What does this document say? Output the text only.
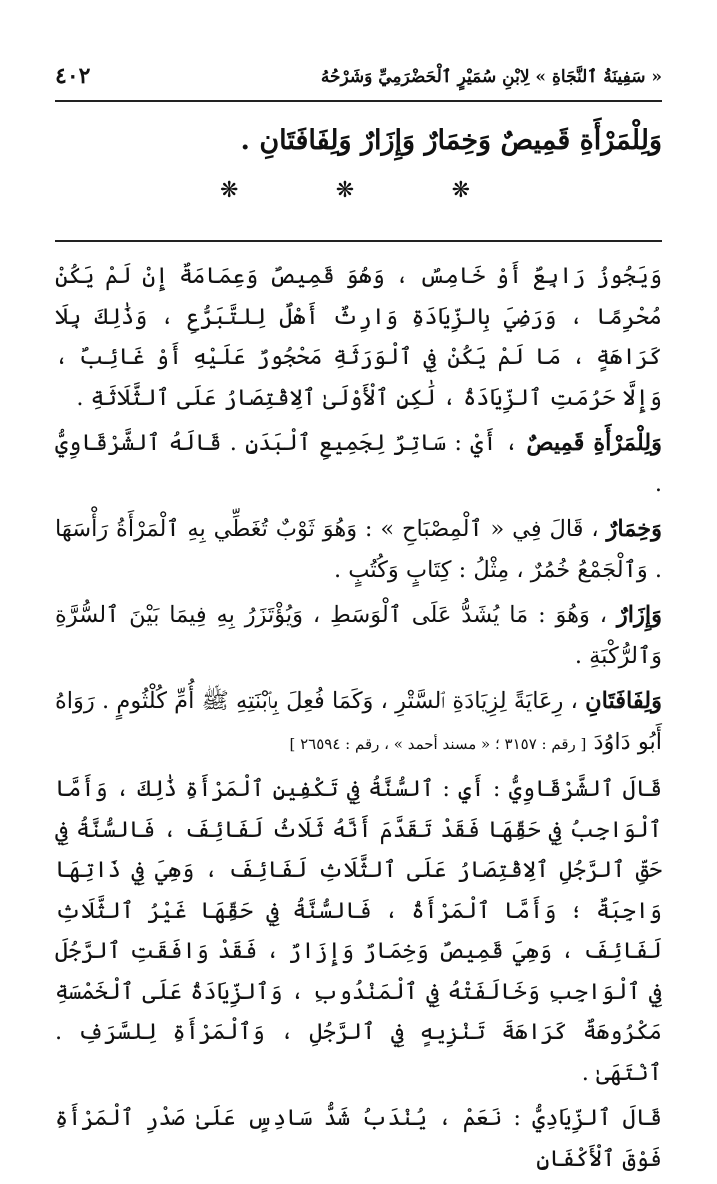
« سَفِينَةُ ٱلنَّجَاةِ » لِابْنِ سُمَيْرٍ ٱلْحَضْرَمِيِّ وَشَرْحُهُ
٤٠٢
وَلِلْمَرْأَةِ قَمِيصٌ وَخِمَارٌ وَإِزَارٌ وَلِفَافَتَانِ .
❋	❋	❋

وَيَجُوزُ رَابِعٌ أَوْ خَامِسٌ ، وَهُوَ قَمِيصٌ وَعِمَامَةٌ إِنْ لَمْ يَكُنْ مُحْرِمًا ، وَرَضِيَ بِالزِّيَادَةِ وَارِثٌ أَهْلٌ لِلتَّبَرُّعِ ، وَذَٰلِكَ بِلَا كَرَاهَةٍ ، مَا لَمْ يَكُنْ فِي ٱلْوَرَثَةِ مَحْجُورٌ عَلَيْهِ أَوْ غَائِبٌ ، وَإِلَّا حَرُمَتِ ٱلزِّيَادَةُ ، لَٰكِنِ ٱلْأَوْلَىٰ ٱلِاقْتِصَارُ عَلَى ٱلثَّلَاثَةِ .

وَلِلْمَرْأَةِ قَمِيصٌ ، أَيْ : سَاتِرٌ لِجَمِيعِ ٱلْبَدَنِ . قَالَهُ ٱلشَّرْقَاوِيُّ .

وَخِمَارٌ ، قَالَ فِي « ٱلْمِصْبَاحِ » : وَهُوَ ثَوْبٌ تُغَطِّي بِهِ ٱلْمَرْأَةُ رَأْسَهَا . وَٱلْجَمْعُ خُمُرٌ ، مِثْلُ : كِتَابٍ وَكُتُبٍ .

وَإِزَارٌ ، وَهُوَ : مَا يُشَدُّ عَلَى ٱلْوَسَطِ ، وَيُؤْتَزَرُ بِهِ فِيمَا بَيْنَ ٱلسُّرَّةِ وَٱلرُّكْبَةِ .

وَلِفَافَتَانِ ، رِعَايَةً لِزِيَادَةِ ٱلسَّتْرِ ، وَكَمَا فُعِلَ بِٱبْنَتِهِ ﷺ أُمِّ كُلْثُومٍ . رَوَاهُ أَبُو دَاوُدَ [ رقم : ٣١٥٧ ؛ « مسند أحمد » ، رقم : ٢٦٥٩٤ ]

قَالَ ٱلشَّرْقَاوِيُّ : أَيِ : ٱلسُّنَّةُ فِي تَكْفِينِ ٱلْمَرْأَةِ ذَٰلِكَ ، وَأَمَّا ٱلْوَاجِبُ فِي حَقِّهَا فَقَدْ تَقَدَّمَ أَنَّهُ ثَلَاثُ لَفَائِفَ ، فَالسُّنَّةُ فِي حَقِّ ٱلرَّجُلِ ٱلِاقْتِصَارُ عَلَى ٱلثَّلَاثِ لَفَائِفَ ، وَهِيَ فِي ذَاتِهَا وَاجِبَةٌ ؛ وَأَمَّا ٱلْمَرْأَةُ ، فَالسُّنَّةُ فِي حَقِّهَا غَيْرُ ٱلثَّلَاثِ لَفَائِفَ ، وَهِيَ قَمِيصٌ وَخِمَارٌ وَإِزَارٌ ، فَقَدْ وَافَقَتِ ٱلرَّجُلَ فِي ٱلْوَاجِبِ وَخَالَفَتْهُ فِي ٱلْمَنْدُوبِ ، وَٱلزِّيَادَةُ عَلَى ٱلْخَمْسَةِ مَكْرُوهَةٌ كَرَاهَةَ تَنْزِيهٍ فِي ٱلرَّجُلِ ، وَٱلْمَرْأَةِ لِلسَّرَفِ . ٱنْتَهَىٰ .

قَالَ ٱلزِّيَادِيُّ : نَعَمْ ، يُنْدَبُ شَدُّ سَادِسٍ عَلَىٰ صَدْرِ ٱلْمَرْأَةِ فَوْقَ ٱلْأَكْفَانِ
